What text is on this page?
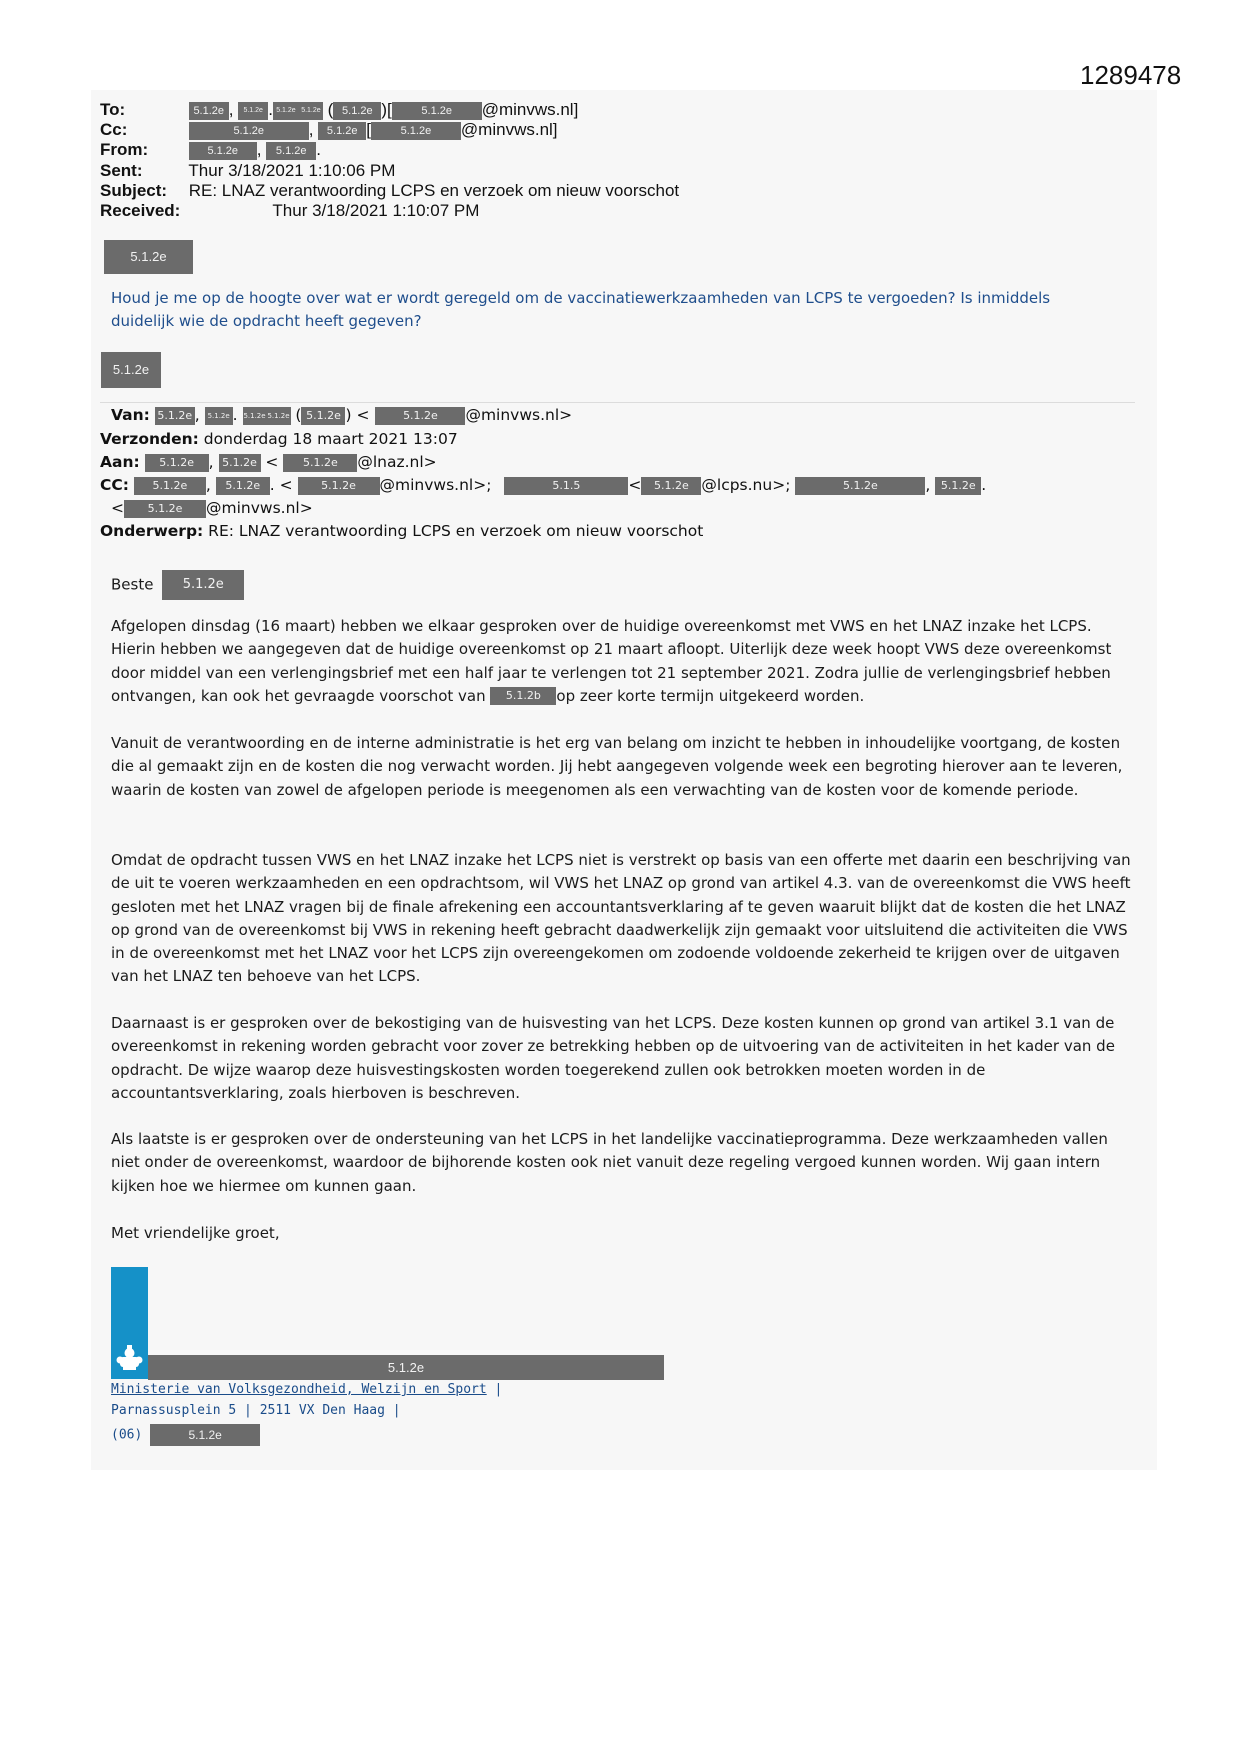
1289478
To:	5.1.2e , 5.1.2e . 5.1.2e 5.1.2e ( 5.1.2e )[	5.1.2e @minvws.nl]
Cc:	5.1.2e	, 5.1.2e [	5.1.2e @minvws.nl]
From:	5.1.2e , 5.1.2e .
Sent:	Thur 3/18/2021 1:10:06 PM
Subject: RE: LNAZ verantwoording LCPS en verzoek om nieuw voorschot
Received:	Thur 3/18/2021 1:10:07 PM
5.1.2e
Houd je me op de hoogte over wat er wordt geregeld om de vaccinatiewerkzaamheden van LCPS te vergoeden? Is inmiddels duidelijk wie de opdracht heeft gegeven?
5.1.2e
Van: 5.1.2e , 5.1.2e . 5.1.2e 5.1.2e ( 5.1.2e ) <	5.1.2e @minvws.nl>
Verzonden: donderdag 18 maart 2021 13:07
Aan: 5.1.2e , 5.1.2e < 5.1.2e @lnaz.nl>
CC: 5.1.2e , 5.1.2e . < 5.1.2e @minvws.nl>;	5.1.5	< 5.1.2e @lcps.nu>;	5.1.2e	, 5.1.2e .
< 5.1.2e @minvws.nl>
Onderwerp: RE: LNAZ verantwoording LCPS en verzoek om nieuw voorschot
Beste 5.1.2e
Afgelopen dinsdag (16 maart) hebben we elkaar gesproken over de huidige overeenkomst met VWS en het LNAZ inzake het LCPS. Hierin hebben we aangegeven dat de huidige overeenkomst op 21 maart afloopt. Uiterlijk deze week hoopt VWS deze overeenkomst door middel van een verlengingsbrief met een half jaar te verlengen tot 21 september 2021. Zodra jullie de verlengingsbrief hebben ontvangen, kan ook het gevraagde voorschot van 5.1.2b op zeer korte termijn uitgekeerd worden.
Vanuit de verantwoording en de interne administratie is het erg van belang om inzicht te hebben in inhoudelijke voortgang, de kosten die al gemaakt zijn en de kosten die nog verwacht worden. Jij hebt aangegeven volgende week een begroting hierover aan te leveren, waarin de kosten van zowel de afgelopen periode is meegenomen als een verwachting van de kosten voor de komende periode.
Omdat de opdracht tussen VWS en het LNAZ inzake het LCPS niet is verstrekt op basis van een offerte met daarin een beschrijving van de uit te voeren werkzaamheden en een opdrachtsom, wil VWS het LNAZ op grond van artikel 4.3. van de overeenkomst die VWS heeft gesloten met het LNAZ vragen bij de finale afrekening een accountantsverklaring af te geven waaruit blijkt dat de kosten die het LNAZ op grond van de overeenkomst bij VWS in rekening heeft gebracht daadwerkelijk zijn gemaakt voor uitsluitend die activiteiten die VWS in de overeenkomst met het LNAZ voor het LCPS zijn overeengekomen om zodoende voldoende zekerheid te krijgen over de uitgaven van het LNAZ ten behoeve van het LCPS.
Daarnaast is er gesproken over de bekostiging van de huisvesting van het LCPS. Deze kosten kunnen op grond van artikel 3.1 van de overeenkomst in rekening worden gebracht voor zover ze betrekking hebben op de uitvoering van de activiteiten in het kader van de opdracht. De wijze waarop deze huisvestingskosten worden toegerekend zullen ook betrokken moeten worden in de accountantsverklaring, zoals hierboven is beschreven.
Als laatste is er gesproken over de ondersteuning van het LCPS in het landelijke vaccinatieprogramma. Deze werkzaamheden vallen niet onder de overeenkomst, waardoor de bijhorende kosten ook niet vanuit deze regeling vergoed kunnen worden. Wij gaan intern kijken hoe we hiermee om kunnen gaan.
Met vriendelijke groet,
5.1.2e
Ministerie van Volksgezondheid, Welzijn en Sport |
Parnassusplein 5 | 2511 VX Den Haag |
(06)	5.1.2e
